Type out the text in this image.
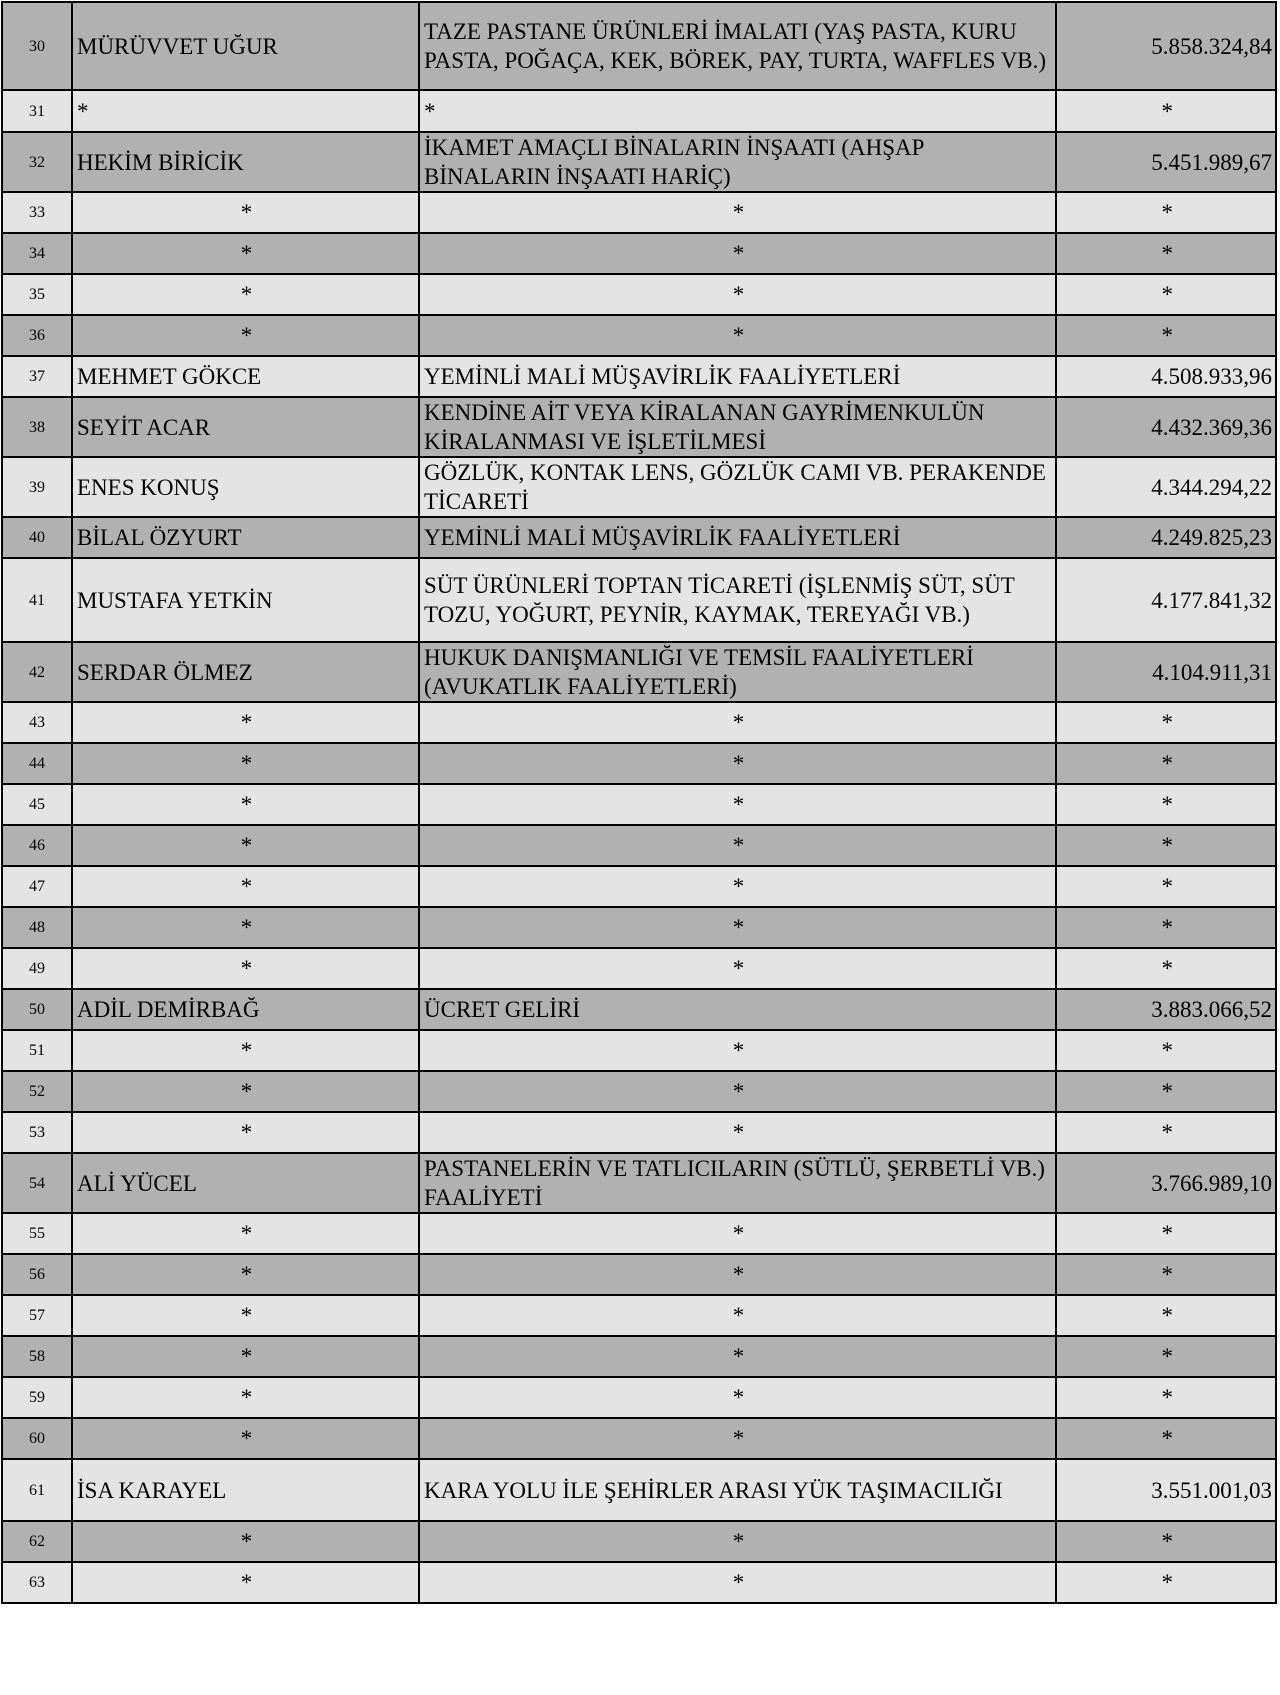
30	MÜRÜVVET UĞUR	TAZE PASTANE ÜRÜNLERİ İMALATI (YAŞ PASTA, KURU PASTA, POĞAÇA, KEK, BÖREK, PAY, TURTA, WAFFLES VB.)	5.858.324,84
31	*	*	*
32	HEKİM BİRİCİK	İKAMET AMAÇLI BİNALARIN İNŞAATI (AHŞAP BİNALARIN İNŞAATI HARİÇ)	5.451.989,67
33	*	*	*
34	*	*	*
35	*	*	*
36	*	*	*
37	MEHMET GÖKCE	YEMİNLİ MALİ MÜŞAVİRLİK FAALİYETLERİ	4.508.933,96
38	SEYİT ACAR	KENDİNE AİT VEYA KİRALANAN GAYRİMENKULÜN KİRALANMASI VE İŞLETİLMESİ	4.432.369,36
39	ENES KONUŞ	GÖZLÜK, KONTAK LENS, GÖZLÜK CAMI VB. PERAKENDE TİCARETİ	4.344.294,22
40	BİLAL ÖZYURT	YEMİNLİ MALİ MÜŞAVİRLİK FAALİYETLERİ	4.249.825,23
41	MUSTAFA YETKİN	SÜT ÜRÜNLERİ TOPTAN TİCARETİ (İŞLENMİŞ SÜT, SÜT TOZU, YOĞURT, PEYNİR, KAYMAK, TEREYAĞI VB.)	4.177.841,32
42	SERDAR ÖLMEZ	HUKUK DANIŞMANLIĞI VE TEMSİL FAALİYETLERİ (AVUKATLIK FAALİYETLERİ)	4.104.911,31
43	*	*	*
44	*	*	*
45	*	*	*
46	*	*	*
47	*	*	*
48	*	*	*
49	*	*	*
50	ADİL DEMİRBAĞ	ÜCRET GELİRİ	3.883.066,52
51	*	*	*
52	*	*	*
53	*	*	*
54	ALİ YÜCEL	PASTANELERİN VE TATLICILARIN (SÜTLÜ, ŞERBETLİ VB.) FAALİYETİ	3.766.989,10
55	*	*	*
56	*	*	*
57	*	*	*
58	*	*	*
59	*	*	*
60	*	*	*
61	İSA KARAYEL	KARA YOLU İLE ŞEHİRLER ARASI YÜK TAŞIMACILIĞI	3.551.001,03
62	*	*	*
63	*	*	*
